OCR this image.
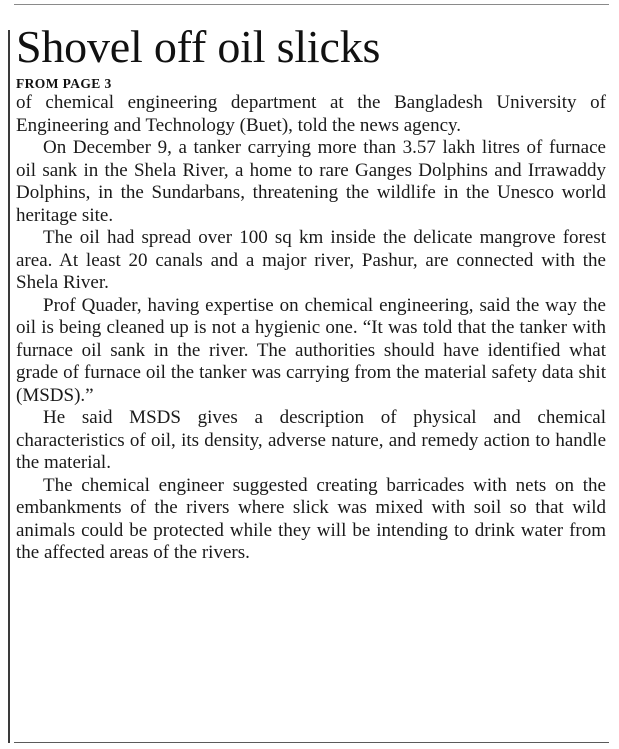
Shovel off oil slicks
FROM PAGE 3

of chemical engineering department at the Bangladesh University of Engineering and Technology (Buet), told the news agency.

On December 9, a tanker carrying more than 3.57 lakh litres of furnace oil sank in the Shela River, a home to rare Ganges Dolphins and Irrawaddy Dolphins, in the Sundarbans, threatening the wildlife in the Unesco world heritage site.

The oil had spread over 100 sq km inside the delicate mangrove forest area. At least 20 canals and a major river, Pashur, are connected with the Shela River.

Prof Quader, having expertise on chemical engineering, said the way the oil is being cleaned up is not a hygienic one. “It was told that the tanker with furnace oil sank in the river. The authorities should have identified what grade of furnace oil the tanker was carrying from the material safety data shit (MSDS).”

He said MSDS gives a description of physical and chemical characteristics of oil, its density, adverse nature, and remedy action to handle the material.

The chemical engineer suggested creating barricades with nets on the embankments of the rivers where slick was mixed with soil so that wild animals could be protected while they will be intending to drink water from the affected areas of the rivers.
